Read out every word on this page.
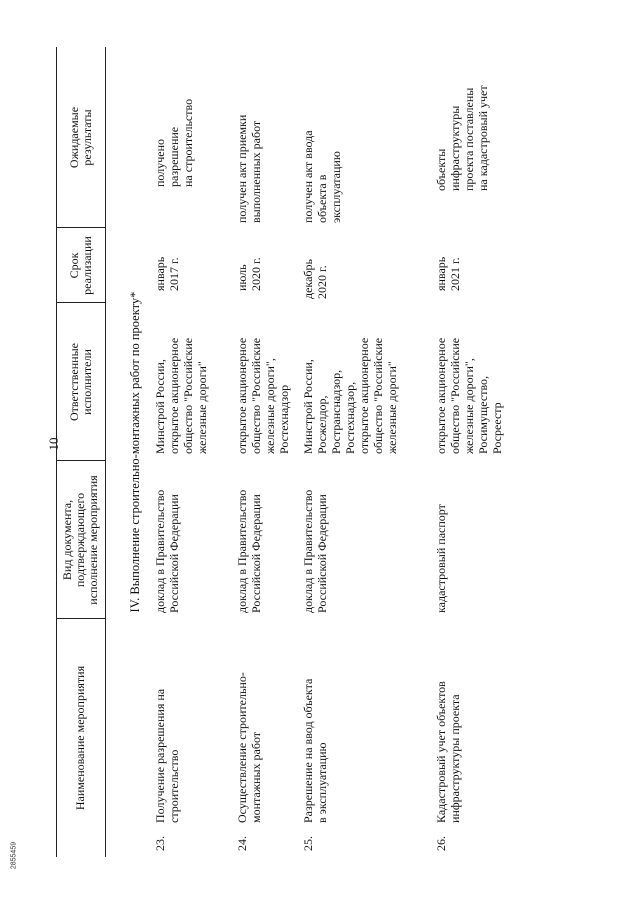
10
2855459
Наименование мероприятия
Вид документа,
подтверждающего
исполнение мероприятия
Ответственные
исполнители
Срок
реализации
Ожидаемые
результаты
IV. Выполнение строительно-монтажных работ по проекту*
23.
Получение разрешения на
строительство
доклад в Правительство
Российской Федерации
Минстрой России,
открытое акционерное
общество "Российские
железные дороги"
январь
2017 г.
получено
разрешение
на строительство
24.
Осуществление строительно-
монтажных работ
доклад в Правительство
Российской Федерации
открытое акционерное
общество "Российские
железные дороги",
Ростехнадзор
июль
2020 г.
получен акт приемки
выполненных работ
25.
Разрешение на ввод объекта
в эксплуатацию
доклад в Правительство
Российской Федерации
Минстрой России,
Росжелдор,
Ространснадзор,
Ростехнадзор,
открытое акционерное
общество "Российские
железные дороги"
декабрь
2020 г.
получен акт ввода
объекта в
эксплуатацию
26.
Кадастровый учет объектов
инфраструктуры проекта
кадастровый паспорт
открытое акционерное
общество "Российские
железные дороги",
Росимущество,
Росреестр
январь
2021 г.
объекты
инфраструктуры
проекта поставлены
на кадастровый учет
